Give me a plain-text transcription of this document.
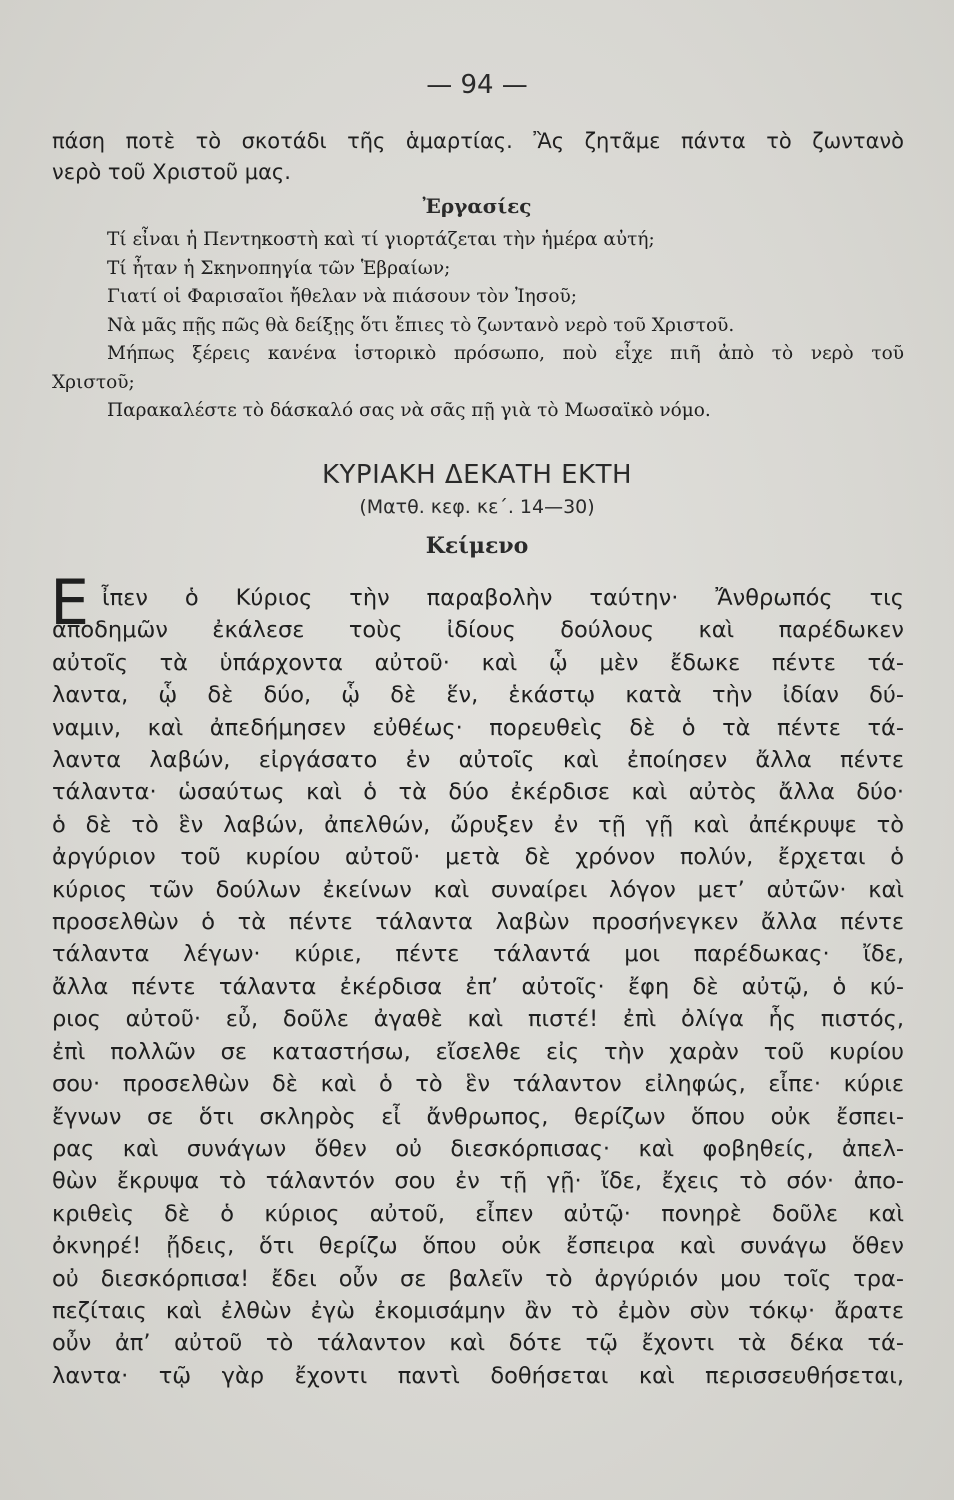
— 94 —
πάση ποτὲ τὸ σκοτάδι τῆς ἁμαρτίας. Ἂς ζητᾶμε πάντα τὸ ζωντανὸ
νερὸ τοῦ Χριστοῦ μας.
Ἐργασίες
Τί εἶναι ἡ Πεντηκοστὴ καὶ τί γιορτάζεται τὴν ἡμέρα αὐτή;
Τί ἦταν ἡ Σκηνοπηγία τῶν Ἑβραίων;
Γιατί οἱ Φαρισαῖοι ἤθελαν νὰ πιάσουν τὸν Ἰησοῦ;
Νὰ μᾶς πῇς πῶς θὰ δείξῃς ὅτι ἔπιες τὸ ζωντανὸ νερὸ τοῦ Χριστοῦ.
Μήπως ξέρεις κανένα ἱστορικὸ πρόσωπο, ποὺ εἶχε πιῆ ἀπὸ τὸ νερὸ τοῦ
Χριστοῦ;
Παρακαλέστε τὸ δάσκαλό σας νὰ σᾶς πῇ γιὰ τὸ Μωσαϊκὸ νόμο.
ΚΥΡΙΑΚΗ ΔΕΚΑΤΗ ΕΚΤΗ
(Ματθ. κεφ. κε΄. 14—30)
Κείμενο
Ε ἶπεν ὁ Κύριος τὴν παραβολὴν ταύτην· Ἄνθρωπός τις
ἀποδημῶν ἐκάλεσε τοὺς ἰδίους δούλους καὶ παρέδωκεν
αὐτοῖς τὰ ὑπάρχοντα αὐτοῦ· καὶ ᾧ μὲν ἔδωκε πέντε τά-
λαντα, ᾧ δὲ δύο, ᾧ δὲ ἕν, ἑκάστῳ κατὰ τὴν ἰδίαν δύ-
ναμιν, καὶ ἀπεδήμησεν εὐθέως· πορευθεὶς δὲ ὁ τὰ πέντε τά-
λαντα λαβών, εἰργάσατο ἐν αὐτοῖς καὶ ἐποίησεν ἄλλα πέντε
τάλαντα· ὡσαύτως καὶ ὁ τὰ δύο ἐκέρδισε καὶ αὐτὸς ἄλλα δύο·
ὁ δὲ τὸ ἓν λαβών, ἀπελθών, ὤρυξεν ἐν τῇ γῇ καὶ ἀπέκρυψε τὸ
ἀργύριον τοῦ κυρίου αὐτοῦ· μετὰ δὲ χρόνον πολύν, ἔρχεται ὁ
κύριος τῶν δούλων ἐκείνων καὶ συναίρει λόγον μετ’ αὐτῶν· καὶ
προσελθὼν ὁ τὰ πέντε τάλαντα λαβὼν προσήνεγκεν ἄλλα πέντε
τάλαντα λέγων· κύριε, πέντε τάλαντά μοι παρέδωκας· ἴδε,
ἄλλα πέντε τάλαντα ἐκέρδισα ἐπ’ αὐτοῖς· ἔφη δὲ αὐτῷ, ὁ κύ-
ριος αὐτοῦ· εὖ, δοῦλε ἀγαθὲ καὶ πιστέ! ἐπὶ ὀλίγα ἧς πιστός,
ἐπὶ πολλῶν σε καταστήσω, εἴσελθε εἰς τὴν χαρὰν τοῦ κυρίου
σου· προσελθὼν δὲ καὶ ὁ τὸ ἓν τάλαντον εἰληφώς, εἶπε· κύριε
ἔγνων σε ὅτι σκληρὸς εἶ ἄνθρωπος, θερίζων ὅπου οὐκ ἔσπει-
ρας καὶ συνάγων ὅθεν οὐ διεσκόρπισας· καὶ φοβηθείς, ἀπελ-
θὼν ἔκρυψα τὸ τάλαντόν σου ἐν τῇ γῇ· ἴδε, ἔχεις τὸ σόν· ἀπο-
κριθεὶς δὲ ὁ κύριος αὐτοῦ, εἶπεν αὐτῷ· πονηρὲ δοῦλε καὶ
ὀκνηρέ! ᾔδεις, ὅτι θερίζω ὅπου οὐκ ἔσπειρα καὶ συνάγω ὅθεν
οὐ διεσκόρπισα! ἔδει οὖν σε βαλεῖν τὸ ἀργύριόν μου τοῖς τρα-
πεζίταις καὶ ἐλθὼν ἐγὼ ἐκομισάμην ἂν τὸ ἐμὸν σὺν τόκῳ· ἄρατε
οὖν ἀπ’ αὐτοῦ τὸ τάλαντον καὶ δότε τῷ ἔχοντι τὰ δέκα τά-
λαντα· τῷ γὰρ ἔχοντι παντὶ δοθήσεται καὶ περισσευθήσεται,
